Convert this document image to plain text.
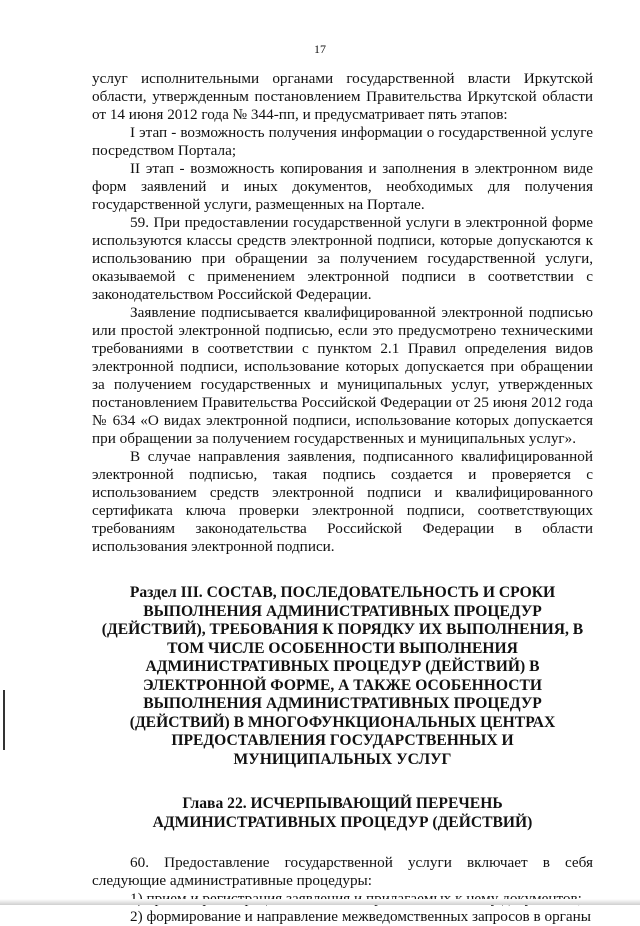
17

услуг исполнительными органами государственной власти Иркутской области, утвержденным постановлением Правительства Иркутской области от 14 июня 2012 года № 344-пп, и предусматривает пять этапов:

I этап - возможность получения информации о государственной услуге посредством Портала;

II этап - возможность копирования и заполнения в электронном виде форм заявлений и иных документов, необходимых для получения государственной услуги, размещенных на Портале.

59. При предоставлении государственной услуги в электронной форме используются классы средств электронной подписи, которые допускаются к использованию при обращении за получением государственной услуги, оказываемой с применением электронной подписи в соответствии с законодательством Российской Федерации.

Заявление подписывается квалифицированной электронной подписью или простой электронной подписью, если это предусмотрено техническими требованиями в соответствии с пунктом 2.1 Правил определения видов электронной подписи, использование которых допускается при обращении за получением государственных и муниципальных услуг, утвержденных постановлением Правительства Российской Федерации от 25 июня 2012 года № 634 «О видах электронной подписи, использование которых допускается при обращении за получением государственных и муниципальных услуг».

В случае направления заявления, подписанного квалифицированной электронной подписью, такая подпись создается и проверяется с использованием средств электронной подписи и квалифицированного сертификата ключа проверки электронной подписи, соответствующих требованиям законодательства Российской Федерации в области использования электронной подписи.

Раздел III. СОСТАВ, ПОСЛЕДОВАТЕЛЬНОСТЬ И СРОКИ ВЫПОЛНЕНИЯ АДМИНИСТРАТИВНЫХ ПРОЦЕДУР (ДЕЙСТВИЙ), ТРЕБОВАНИЯ К ПОРЯДКУ ИХ ВЫПОЛНЕНИЯ, В ТОМ ЧИСЛЕ ОСОБЕННОСТИ ВЫПОЛНЕНИЯ АДМИНИСТРАТИВНЫХ ПРОЦЕДУР (ДЕЙСТВИЙ) В ЭЛЕКТРОННОЙ ФОРМЕ, А ТАКЖЕ ОСОБЕННОСТИ ВЫПОЛНЕНИЯ АДМИНИСТРАТИВНЫХ ПРОЦЕДУР (ДЕЙСТВИЙ) В МНОГОФУНКЦИОНАЛЬНЫХ ЦЕНТРАХ ПРЕДОСТАВЛЕНИЯ ГОСУДАРСТВЕННЫХ И МУНИЦИПАЛЬНЫХ УСЛУГ
Глава 22. ИСЧЕРПЫВАЮЩИЙ ПЕРЕЧЕНЬ АДМИНИСТРАТИВНЫХ ПРОЦЕДУР (ДЕЙСТВИЙ)

60. Предоставление государственной услуги включает в себя следующие административные процедуры:

2) формирование и направление межведомственных запросов в органы
